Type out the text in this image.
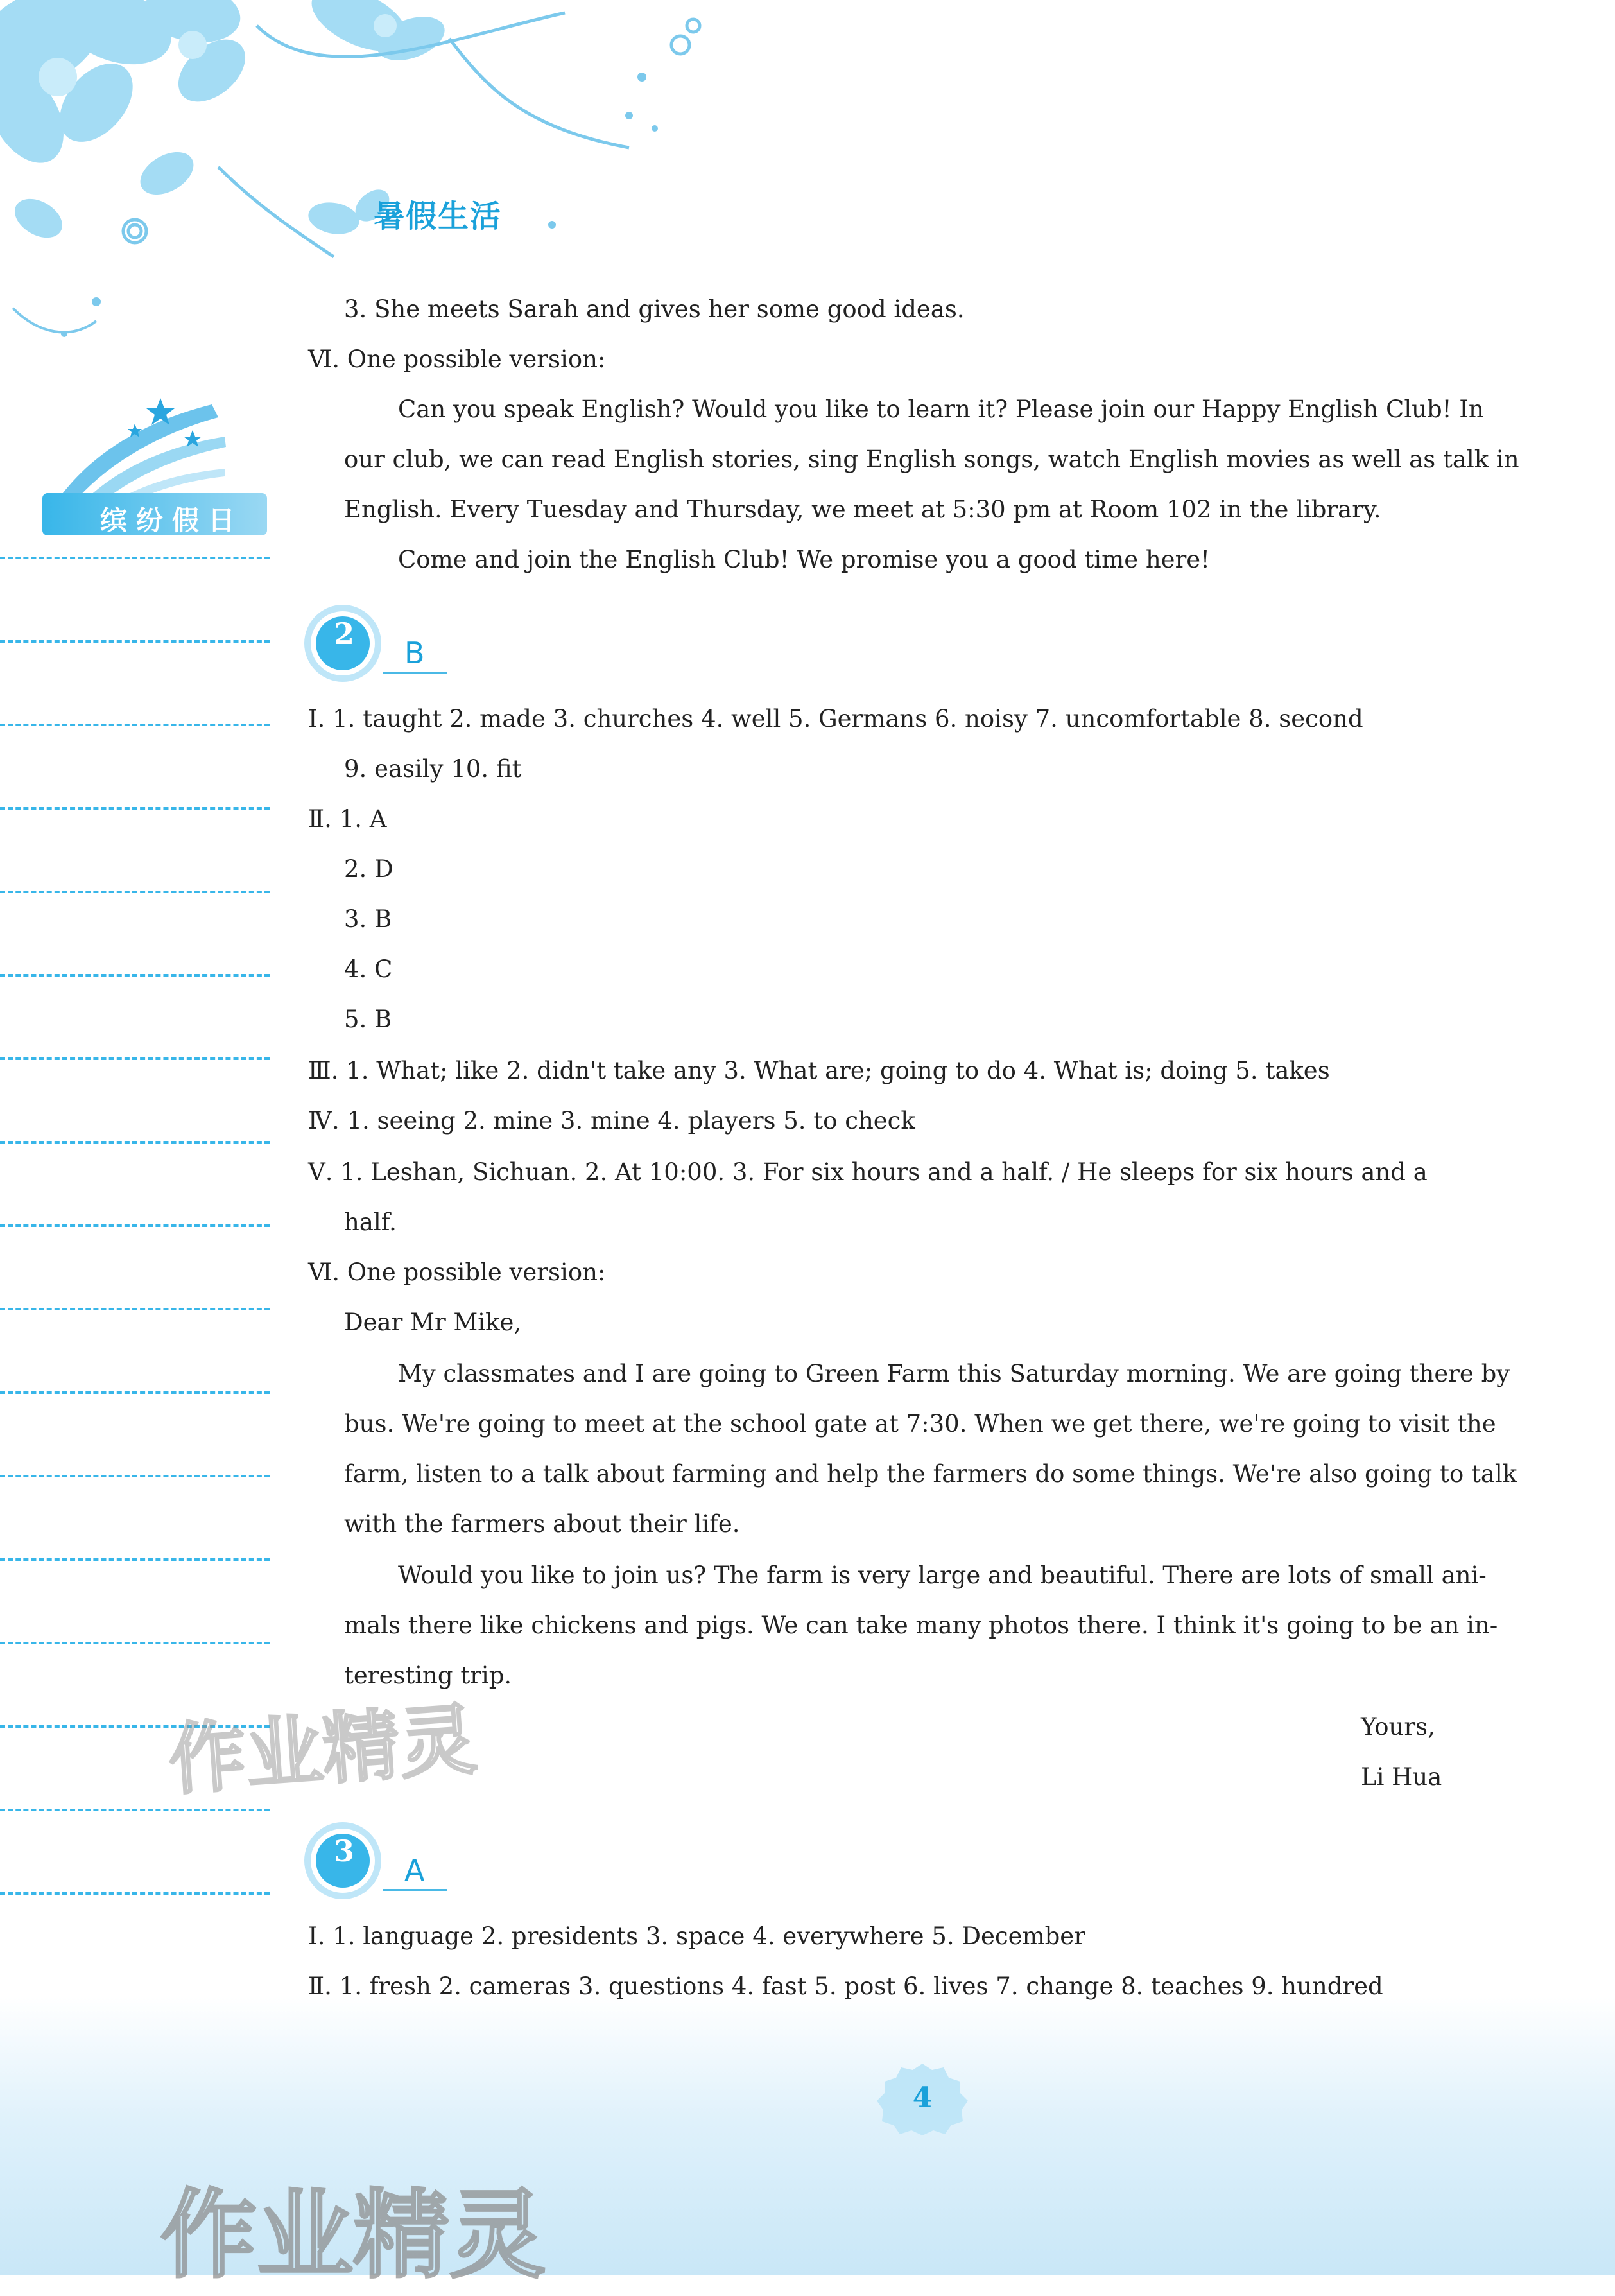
暑假生活
缤纷假日
3. She meets Sarah and gives her some good ideas.
Ⅵ. One possible version:
Can you speak English? Would you like to learn it? Please join our Happy English Club! In
our club, we can read English stories, sing English songs, watch English movies as well as talk in
English. Every Tuesday and Thursday, we meet at 5:30 pm at Room 102 in the library.
Come and join the English Club! We promise you a good time here!
2
B
Ⅰ. 1. taught 2. made 3. churches 4. well 5. Germans 6. noisy 7. uncomfortable 8. second
9. easily 10. fit
Ⅱ. 1. A
2. D
3. B
4. C
5. B
Ⅲ. 1. What; like 2. didn't take any 3. What are; going to do 4. What is; doing 5. takes
Ⅳ. 1. seeing 2. mine 3. mine 4. players 5. to check
Ⅴ. 1. Leshan, Sichuan. 2. At 10:00. 3. For six hours and a half. / He sleeps for six hours and a
half.
Ⅵ. One possible version:
Dear Mr Mike,
My classmates and I are going to Green Farm this Saturday morning. We are going there by
bus. We're going to meet at the school gate at 7:30. When we get there, we're going to visit the
farm, listen to a talk about farming and help the farmers do some things. We're also going to talk
with the farmers about their life.
Would you like to join us? The farm is very large and beautiful. There are lots of small ani-
mals there like chickens and pigs. We can take many photos there. I think it's going to be an in-
teresting trip.
Yours,
Li Hua
3
A
Ⅰ. 1. language 2. presidents 3. space 4. everywhere 5. December
Ⅱ. 1. fresh 2. cameras 3. questions 4. fast 5. post 6. lives 7. change 8. teaches 9. hundred
4
作业精灵
作业精灵
